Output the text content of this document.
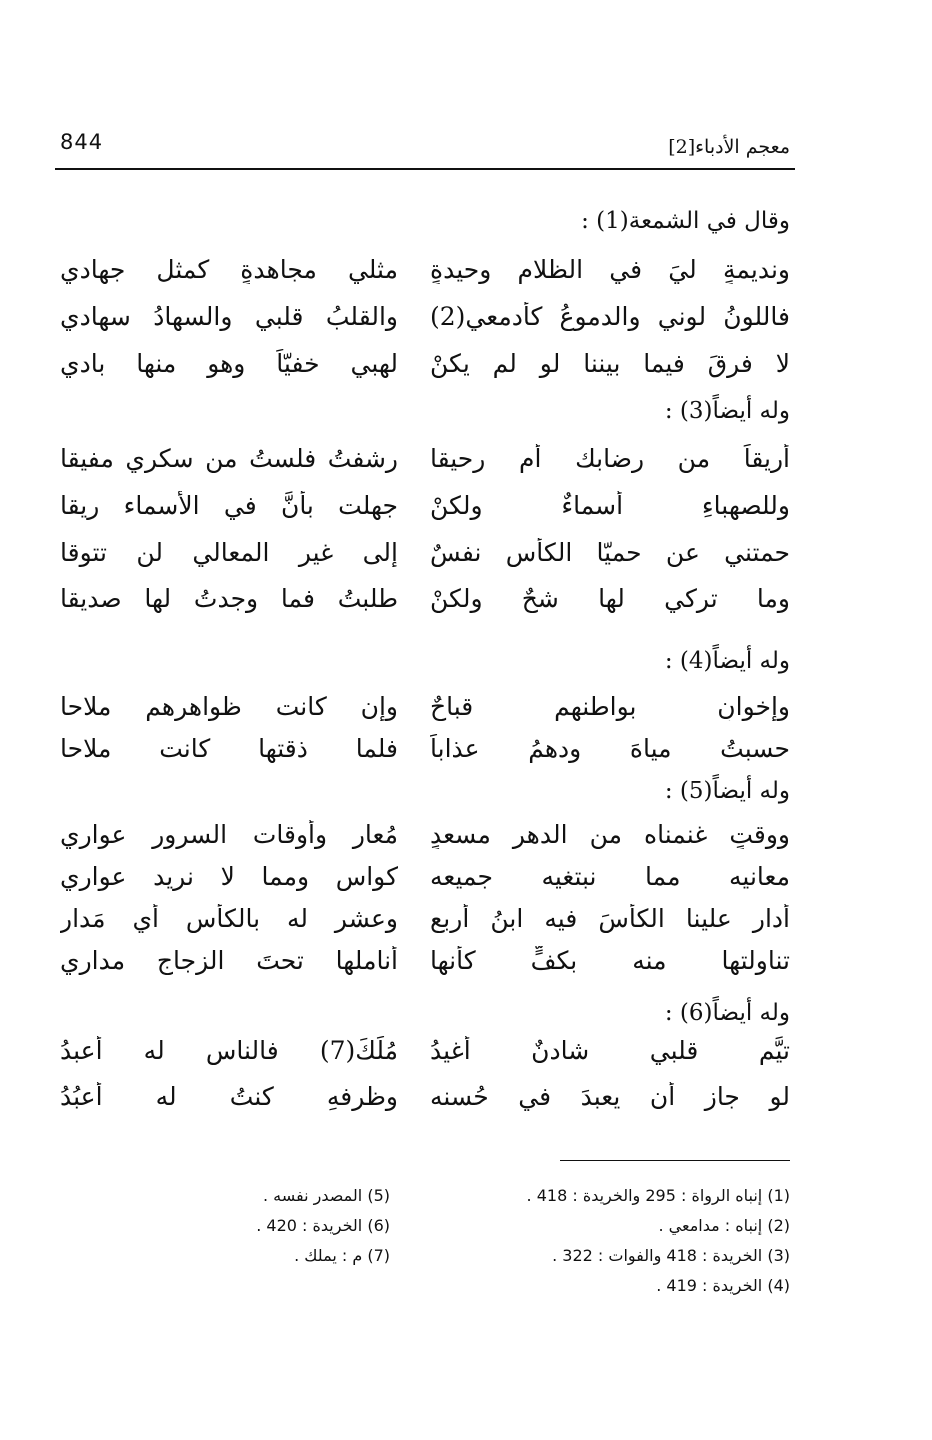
معجم الأدباء[2]
844
وقال في الشمعة(1) :
ونديمةٍ ليَ في الظلام وحيدةٍ
مثلي مجاهدةٍ كمثلِ جهادي
فاللونُ لوني والدموعُ كأدمعي(2)
والقلبُ قلبي والسهادُ سهادي
لا فرقَ فيما بيننا لو لم يكنْ
لهبي خفيّاً وهو منها بادي
وله أيضاً(3) :
أريقاً من رضابك أم رحيقا
رشفتُ فلستُ من سكري مفيقا
وللصهباءِ أسماءٌ ولكنْ
جهلت بأنَّ في الأسماء ريقا
حمتني عن حميّا الكأسِ نفسٌ
إلى غير المعالي لن تتوقا
وما تركي لها شحٌ ولكنْ
طلبتُ فما وجدتُ لها صديقا
وله أيضاً(4) :
وإخوانٍ بواطنهم قباحٌ
وإن كانت ظواهرهم ملاحا
حسبتُ مياهَ ودهمُ عذاباً
فلما ذقتها كانت ملاحا
وله أيضاً(5) :
ووقتٍ غنمناه من الدهر مسعدٍ
مُعارٍ وأوقات السرور عواري
معانيه مما نبتغيه جميعه
كواسٍ ومما لا نريد عواري
أدار علينا الكأسَ فيه ابنُ أربع
وعشرٍ له بالكأس أي مَدارِ
تناولتها منه بكفٍّ كأنها
أناملها تحتَ الزجاج مداري
وله أيضاً(6) :
تيَّم قلبي شادنٌ أغيدُ
مُلِّكَ(7) فالناس له أعبدُ
لو جاز أن يعبدَ في حُسنه
وظرفهِ كنتُ له أعبُدُ
(1) إنباه الرواة : 295 والخريدة : 418 .
(2) إنباه : مدامعي .
(3) الخريدة : 418 والفوات : 322 .
(4) الخريدة : 419 .
(5) المصدر نفسه .
(6) الخريدة : 420 .
(7) م : يملك .
